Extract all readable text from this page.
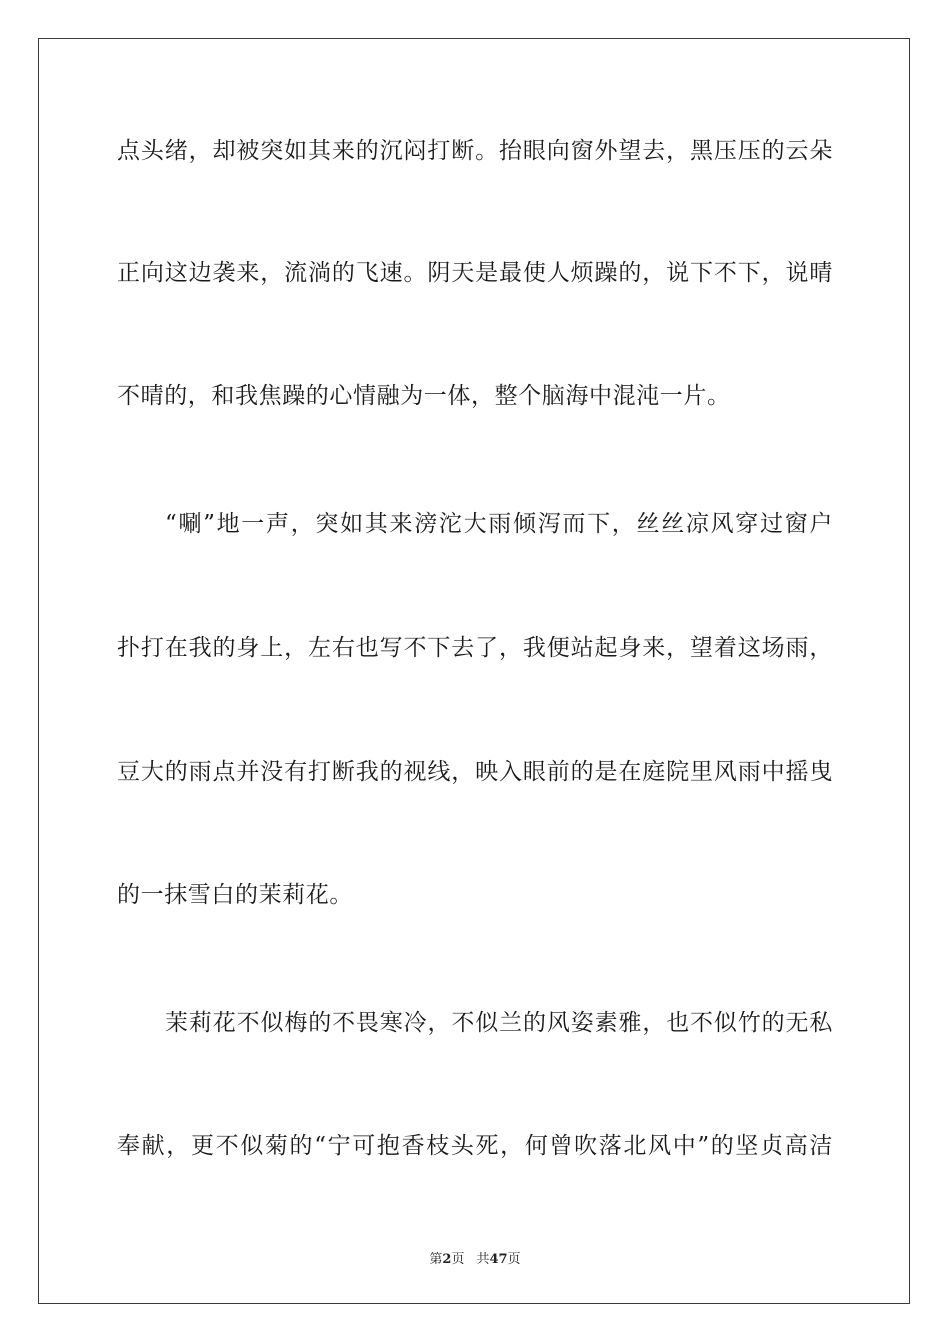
点头绪，却被突如其来的沉闷打断。抬眼向窗外望去，黑压压的云朵
正向这边袭来，流淌的飞速。阴天是最使人烦躁的，说下不下，说晴
不晴的，和我焦躁的心情融为一体，整个脑海中混沌一片。
“唰”地一声，突如其来滂沱大雨倾泻而下，丝丝凉风穿过窗户
扑打在我的身上，左右也写不下去了，我便站起身来，望着这场雨，
豆大的雨点并没有打断我的视线，映入眼前的是在庭院里风雨中摇曳
的一抹雪白的茉莉花。
茉莉花不似梅的不畏寒冷，不似兰的风姿素雅，也不似竹的无私
奉献，更不似菊的“宁可抱香枝头死，何曾吹落北风中”的坚贞高洁
第2页 共47页
